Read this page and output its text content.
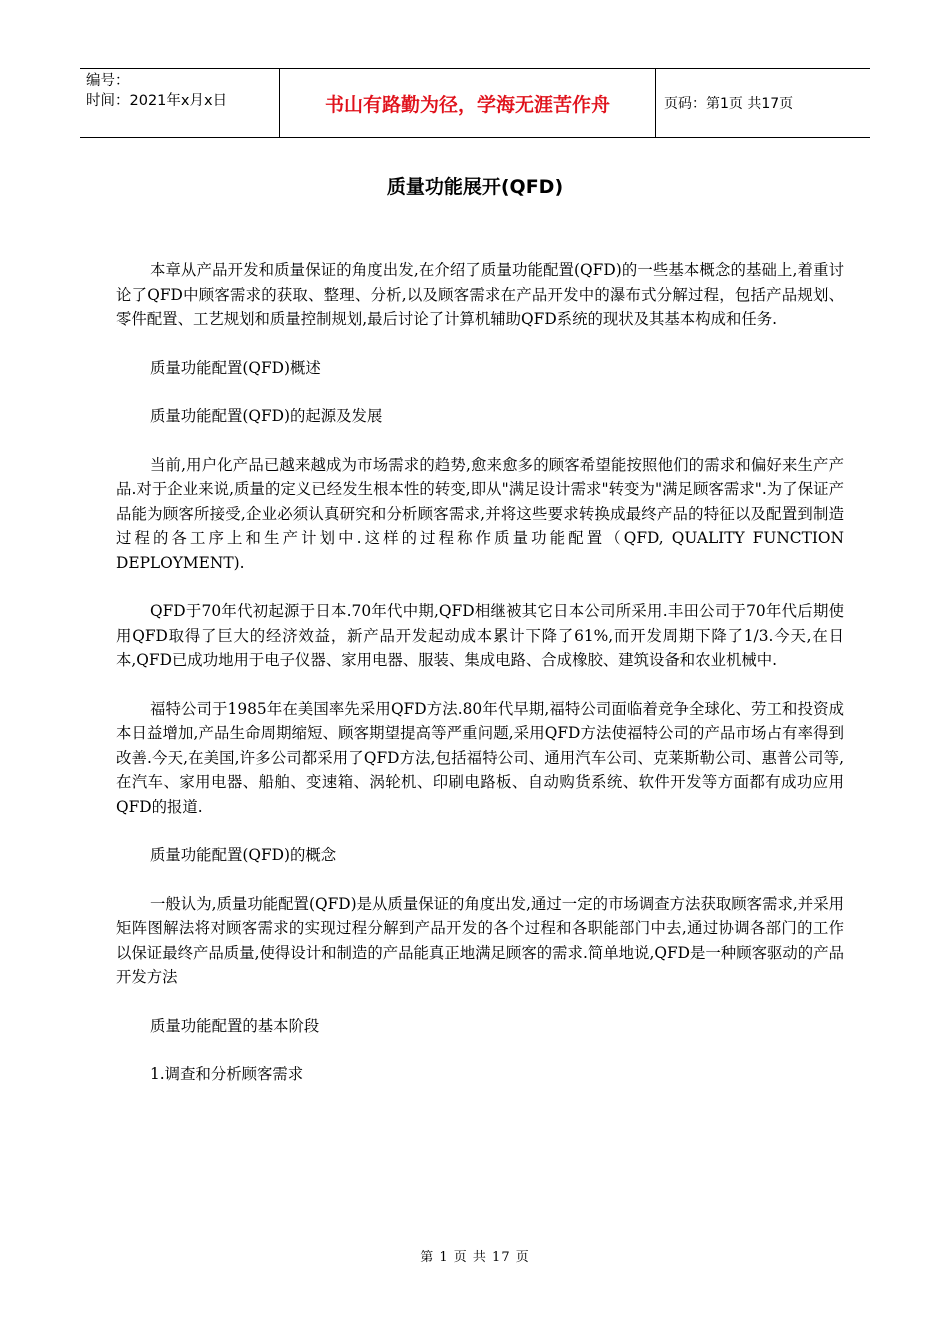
编号：
时间：2021年x月x日	书山有路勤为径，学海无涯苦作舟	页码：第1页 共17页
质量功能展开(QFD)

本章从产品开发和质量保证的角度出发,在介绍了质量功能配置(QFD)的一些基本概念的基础上,着重讨论了QFD中顾客需求的获取、整理、分析,以及顾客需求在产品开发中的瀑布式分解过程，包括产品规划、零件配置、工艺规划和质量控制规划,最后讨论了计算机辅助QFD系统的现状及其基本构成和任务.

质量功能配置(QFD)概述

质量功能配置(QFD)的起源及发展

当前,用户化产品已越来越成为市场需求的趋势,愈来愈多的顾客希望能按照他们的需求和偏好来生产产品.对于企业来说,质量的定义已经发生根本性的转变,即从"满足设计需求"转变为"满足顾客需求".为了保证产品能为顾客所接受,企业必须认真研究和分析顾客需求,并将这些要求转换成最终产品的特征以及配置到制造过程的各工序上和生产计划中.这样的过程称作质量功能配置（QFD, QUALITY FUNCTION DEPLOYMENT).

QFD于70年代初起源于日本.70年代中期,QFD相继被其它日本公司所采用.丰田公司于70年代后期使用QFD取得了巨大的经济效益，新产品开发起动成本累计下降了61%,而开发周期下降了1/3.今天,在日本,QFD已成功地用于电子仪器、家用电器、服装、集成电路、合成橡胶、建筑设备和农业机械中.

福特公司于1985年在美国率先采用QFD方法.80年代早期,福特公司面临着竞争全球化、劳工和投资成本日益增加,产品生命周期缩短、顾客期望提高等严重问题,采用QFD方法使福特公司的产品市场占有率得到改善.今天,在美国,许多公司都采用了QFD方法,包括福特公司、通用汽车公司、克莱斯勒公司、惠普公司等,在汽车、家用电器、船舶、变速箱、涡轮机、印刷电路板、自动购货系统、软件开发等方面都有成功应用QFD的报道.

质量功能配置(QFD)的概念

一般认为,质量功能配置(QFD)是从质量保证的角度出发,通过一定的市场调查方法获取顾客需求,并采用矩阵图解法将对顾客需求的实现过程分解到产品开发的各个过程和各职能部门中去,通过协调各部门的工作以保证最终产品质量,使得设计和制造的产品能真正地满足顾客的需求.简单地说,QFD是一种顾客驱动的产品开发方法

质量功能配置的基本阶段

1.调查和分析顾客需求

第 1 页 共 17 页
